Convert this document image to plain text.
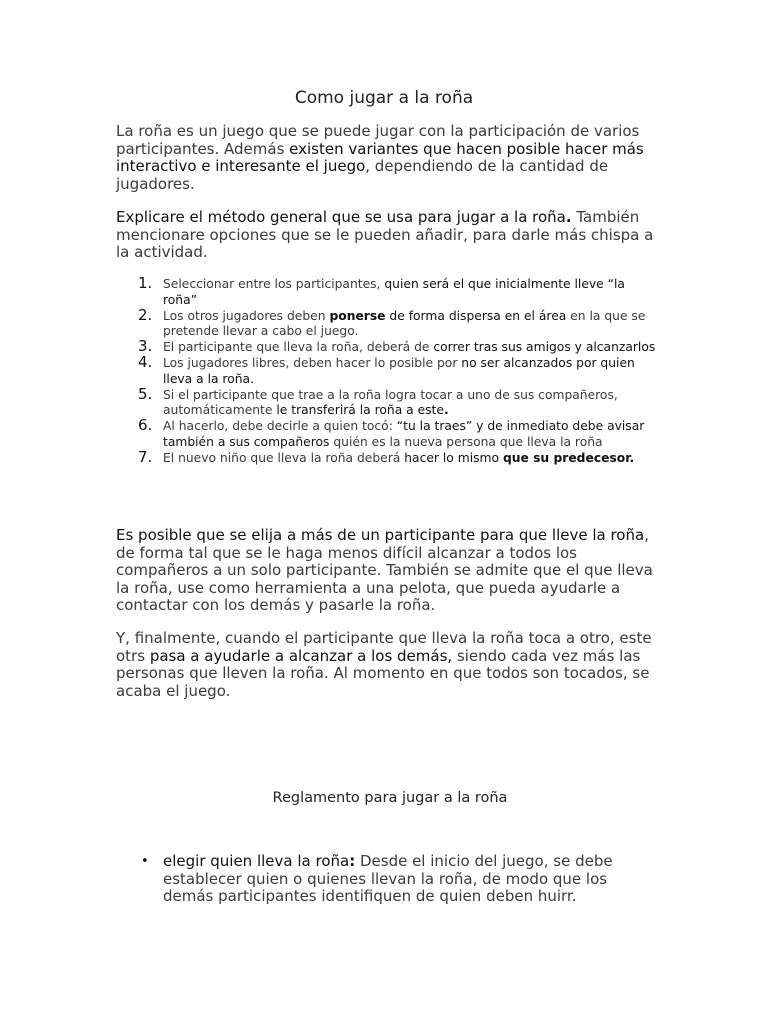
Como jugar a la roña
La roña es un juego que se puede jugar con la participación de varios participantes. Además existen variantes que hacen posible hacer más interactivo e interesante el juego, dependiendo de la cantidad de jugadores.
Explicare el método general que se usa para jugar a la roña. También mencionare opciones que se le pueden añadir, para darle más chispa a la actividad.
1. Seleccionar entre los participantes, quien será el que inicialmente lleve “la roña”
2. Los otros jugadores deben ponerse de forma dispersa en el área en la que se pretende llevar a cabo el juego.
3. El participante que lleva la roña, deberá de correr tras sus amigos y alcanzarlos
4. Los jugadores libres, deben hacer lo posible por no ser alcanzados por quien lleva a la roña.
5. Si el participante que trae a la roña logra tocar a uno de sus compañeros, automáticamente le transferirá la roña a este.
6. Al hacerlo, debe decirle a quien tocó: “tu la traes” y de inmediato debe avisar también a sus compañeros quién es la nueva persona que lleva la roña
7. El nuevo niño que lleva la roña deberá hacer lo mismo que su predecesor.
Es posible que se elija a más de un participante para que lleve la roña, de forma tal que se le haga menos difícil alcanzar a todos los compañeros a un solo participante. También se admite que el que lleva la roña, use como herramienta a una pelota, que pueda ayudarle a contactar con los demás y pasarle la roña.
Y, finalmente, cuando el participante que lleva la roña toca a otro, este otrs pasa a ayudarle a alcanzar a los demás, siendo cada vez más las personas que lleven la roña. Al momento en que todos son tocados, se acaba el juego.
Reglamento para jugar a la roña
• elegir quien lleva la roña: Desde el inicio del juego, se debe establecer quien o quienes llevan la roña, de modo que los demás participantes identifiquen de quien deben huirr.
